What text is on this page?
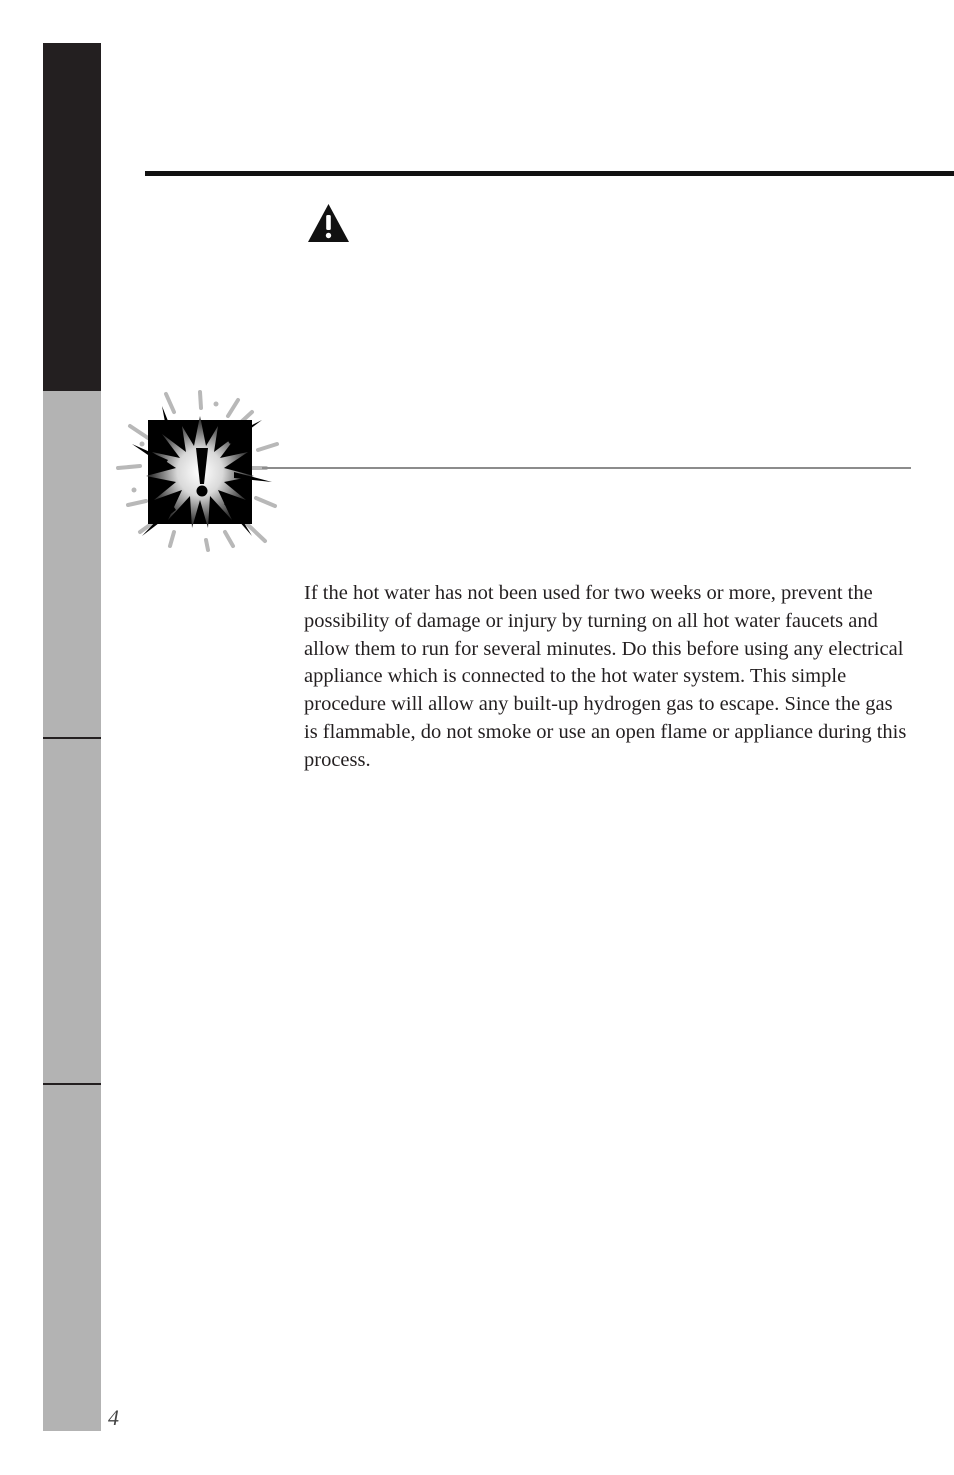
If the hot water has not been used for two weeks or more, prevent the possibility of damage or injury by turning on all hot water faucets and allow them to run for several minutes. Do this before using any electrical appliance which is connected to the hot water system. This simple procedure will allow any built-up hydrogen gas to escape. Since the gas is flammable, do not smoke or use an open flame or appliance during this process.

4
